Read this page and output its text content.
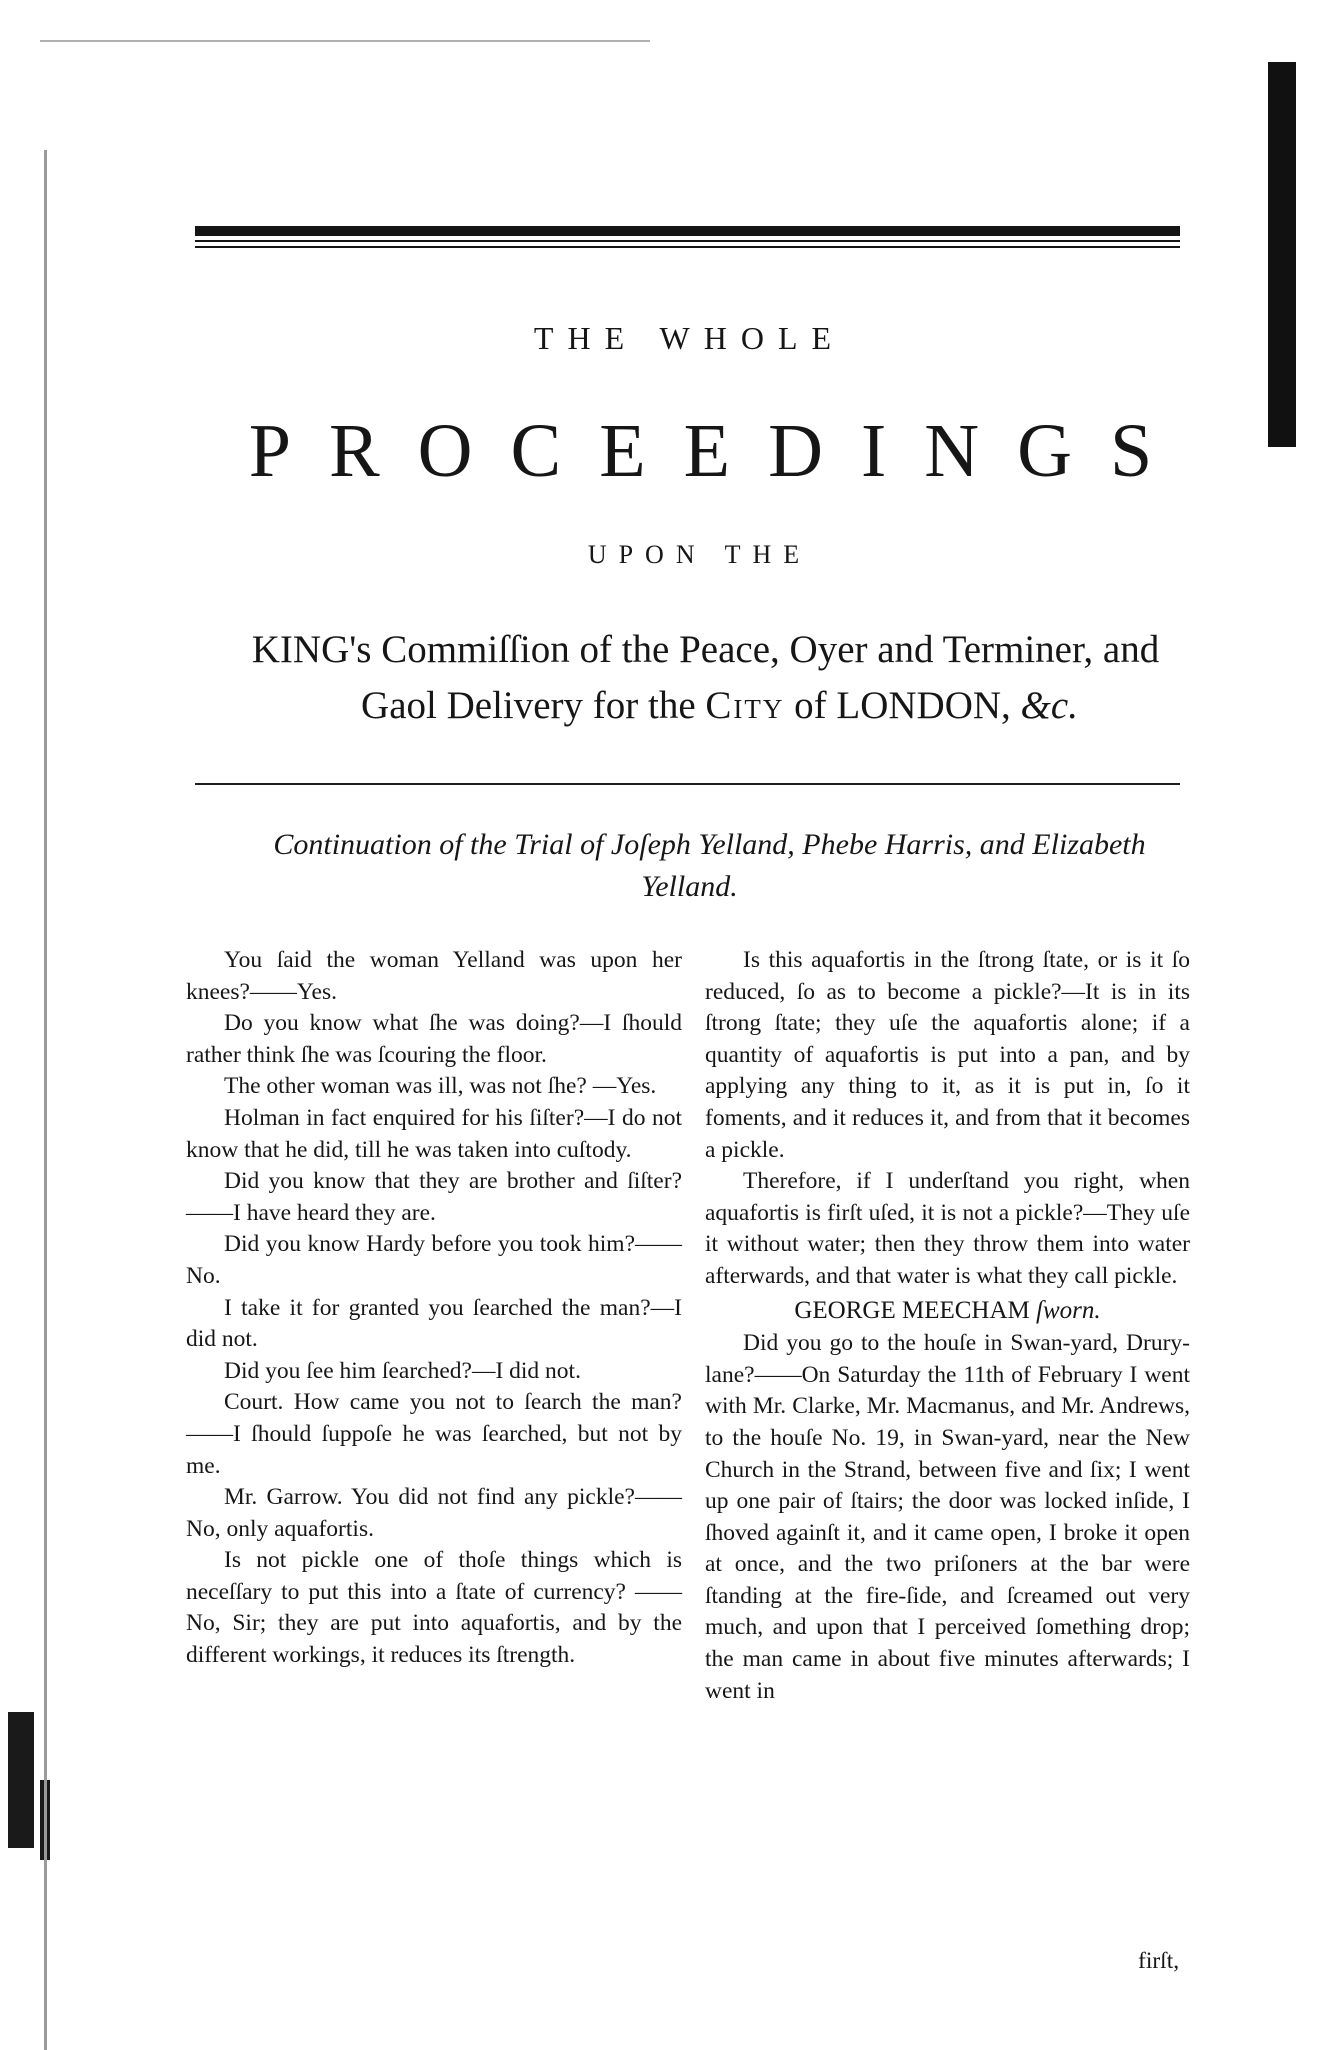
THE WHOLE
PROCEEDINGS
UPON THE
KING's Commiſſion of the Peace, Oyer and Terminer, and
Gaol Delivery for the City of LONDON, &c.
Continuation of the Trial of Joſeph Yelland, Phebe Harris, and Elizabeth
Yelland.

You ſaid the woman Yelland was upon her knees?——Yes.

Do you know what ſhe was doing?—I ſhould rather think ſhe was ſcouring the floor.

The other woman was ill, was not ſhe? —Yes.

Holman in fact enquired for his ſiſter?—I do not know that he did, till he was taken into cuſtody.

Did you know that they are brother and ſiſter?——I have heard they are.

Did you know Hardy before you took him?——No.

I take it for granted you ſearched the man?—I did not.

Did you ſee him ſearched?—I did not.

Court. How came you not to ſearch the man?——I ſhould ſuppoſe he was ſearched, but not by me.

Mr. Garrow. You did not find any pickle?——No, only aquafortis.

Is not pickle one of thoſe things which is neceſſary to put this into a ſtate of currency? ——No, Sir; they are put into aquafortis, and by the different workings, it reduces its ſtrength.

Is this aquafortis in the ſtrong ſtate, or is it ſo reduced, ſo as to become a pickle?—It is in its ſtrong ſtate; they uſe the aquafortis alone; if a quantity of aquafortis is put into a pan, and by applying any thing to it, as it is put in, ſo it foments, and it reduces it, and from that it becomes a pickle.

Therefore, if I underſtand you right, when aquafortis is firſt uſed, it is not a pickle?—They uſe it without water; then they throw them into water afterwards, and that water is what they call pickle.

GEORGE MEECHAM ſworn.

Did you go to the houſe in Swan-yard, Drury-lane?——On Saturday the 11th of February I went with Mr. Clarke, Mr. Macmanus, and Mr. Andrews, to the houſe No. 19, in Swan-yard, near the New Church in the Strand, between five and ſix; I went up one pair of ſtairs; the door was locked inſide, I ſhoved againſt it, and it came open, I broke it open at once, and the two priſoners at the bar were ſtanding at the fire-ſide, and ſcreamed out very much, and upon that I perceived ſomething drop; the man came in about five minutes afterwards; I went in

firſt,
